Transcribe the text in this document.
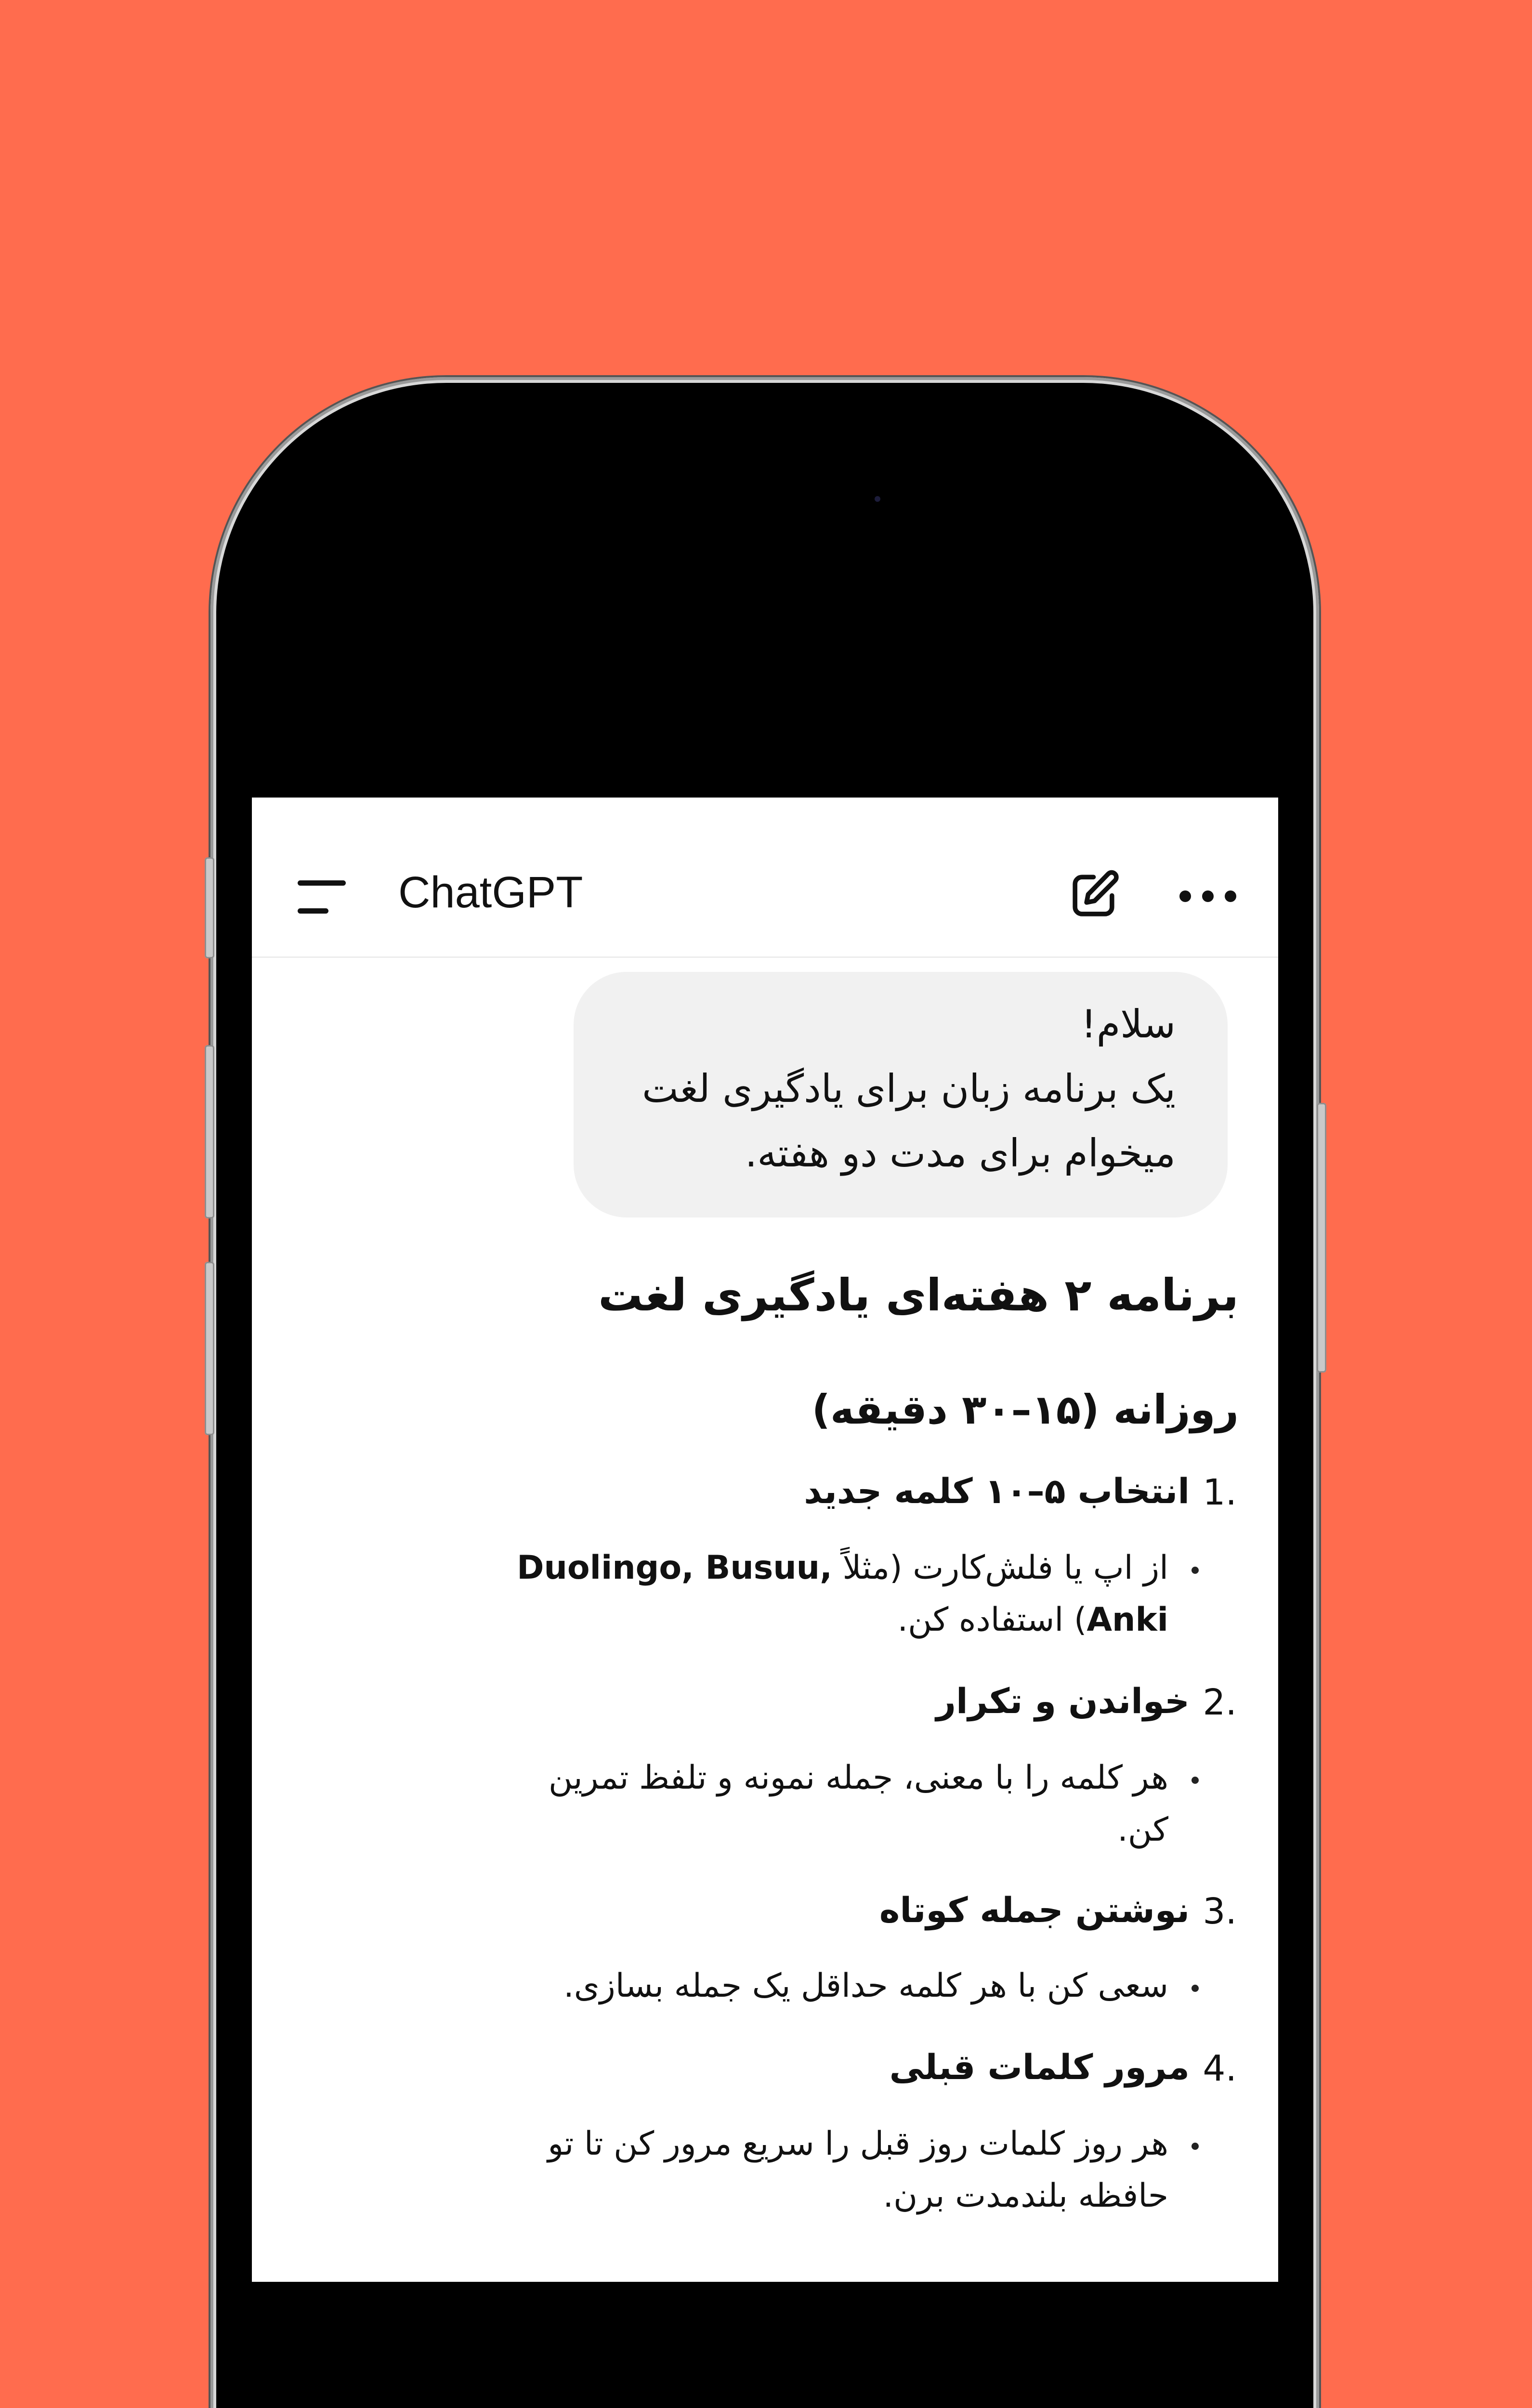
ChatGPT
سلام!
یک برنامه زبان برای یادگیری لغت
میخوام برای مدت دو هفته.
برنامه ۲ هفته‌ای یادگیری لغت
روزانه (۱۵–۳۰ دقیقه)
1.
انتخاب ۵–۱۰ کلمه جدید
از اپ یا فلش‌کارت (مثلاً Duolingo, Busuu,
Anki) استفاده کن.
2.
خواندن و تکرار
هر کلمه را با معنی، جمله نمونه و تلفظ تمرین
کن.
3.
نوشتن جمله کوتاه
سعی کن با هر کلمه حداقل یک جمله بسازی.
4.
مرور کلمات قبلی
هر روز کلمات روز قبل را سریع مرور کن تا تو
حافظه بلندمدت برن.
